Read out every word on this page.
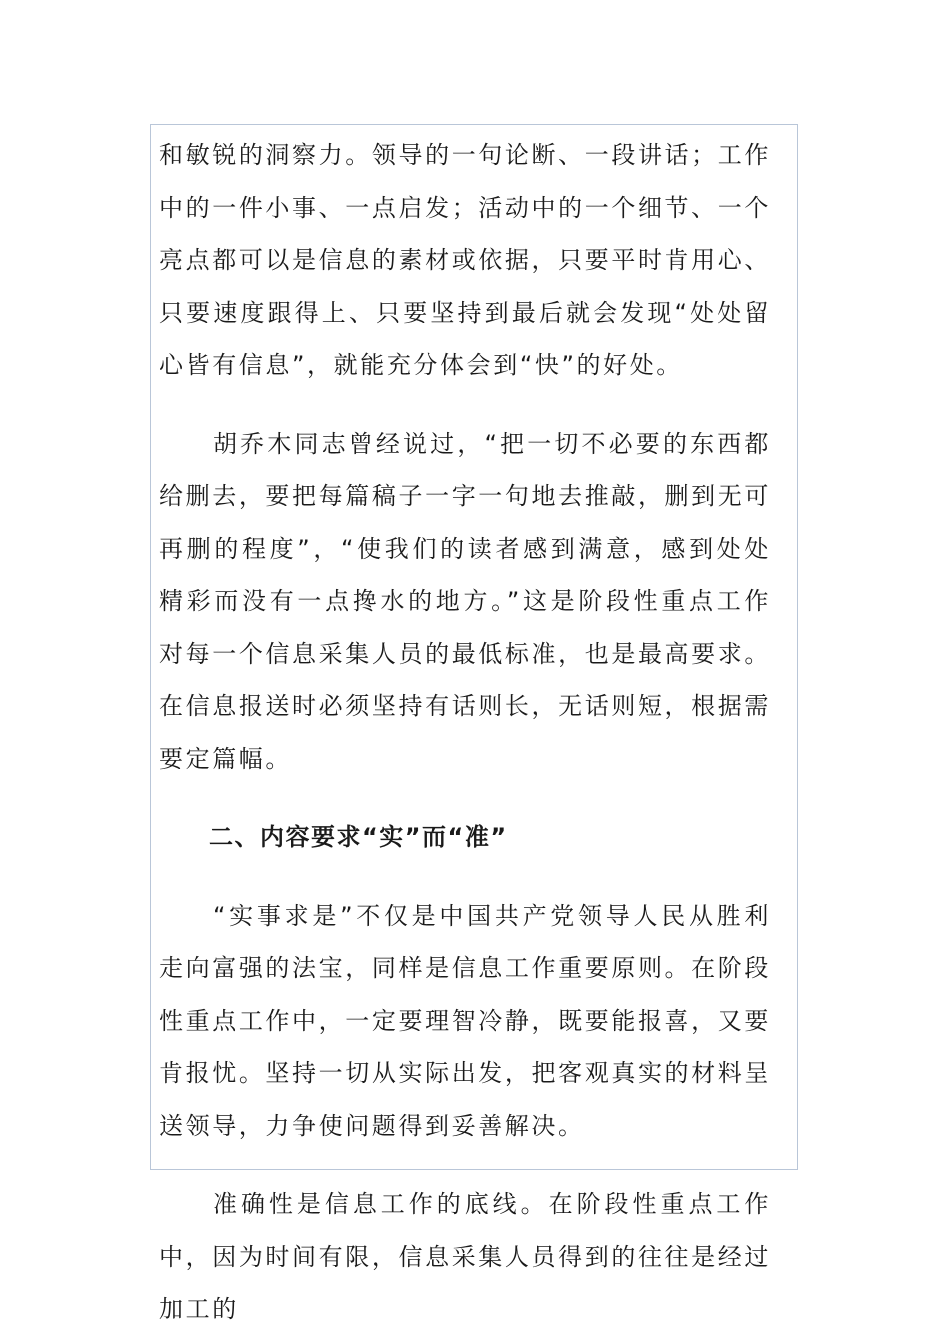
和敏锐的洞察力。领导的一句论断、一段讲话；工作中的一件小事、一点启发；活动中的一个细节、一个亮点都可以是信息的素材或依据，只要平时肯用心、只要速度跟得上、只要坚持到最后就会发现“处处留心皆有信息”，就能充分体会到“快”的好处。

胡乔木同志曾经说过，“把一切不必要的东西都给删去，要把每篇稿子一字一句地去推敲，删到无可再删的程度”，“使我们的读者感到满意，感到处处精彩而没有一点搀水的地方。”这是阶段性重点工作对每一个信息采集人员的最低标准，也是最高要求。在信息报送时必须坚持有话则长，无话则短，根据需要定篇幅。

二、内容要求“实”而“准”

“实事求是”不仅是中国共产党领导人民从胜利走向富强的法宝，同样是信息工作重要原则。在阶段性重点工作中，一定要理智冷静，既要能报喜，又要肯报忧。坚持一切从实际出发，把客观真实的材料呈送领导，力争使问题得到妥善解决。

准确性是信息工作的底线。在阶段性重点工作中，因为时间有限，信息采集人员得到的往往是经过加工的
